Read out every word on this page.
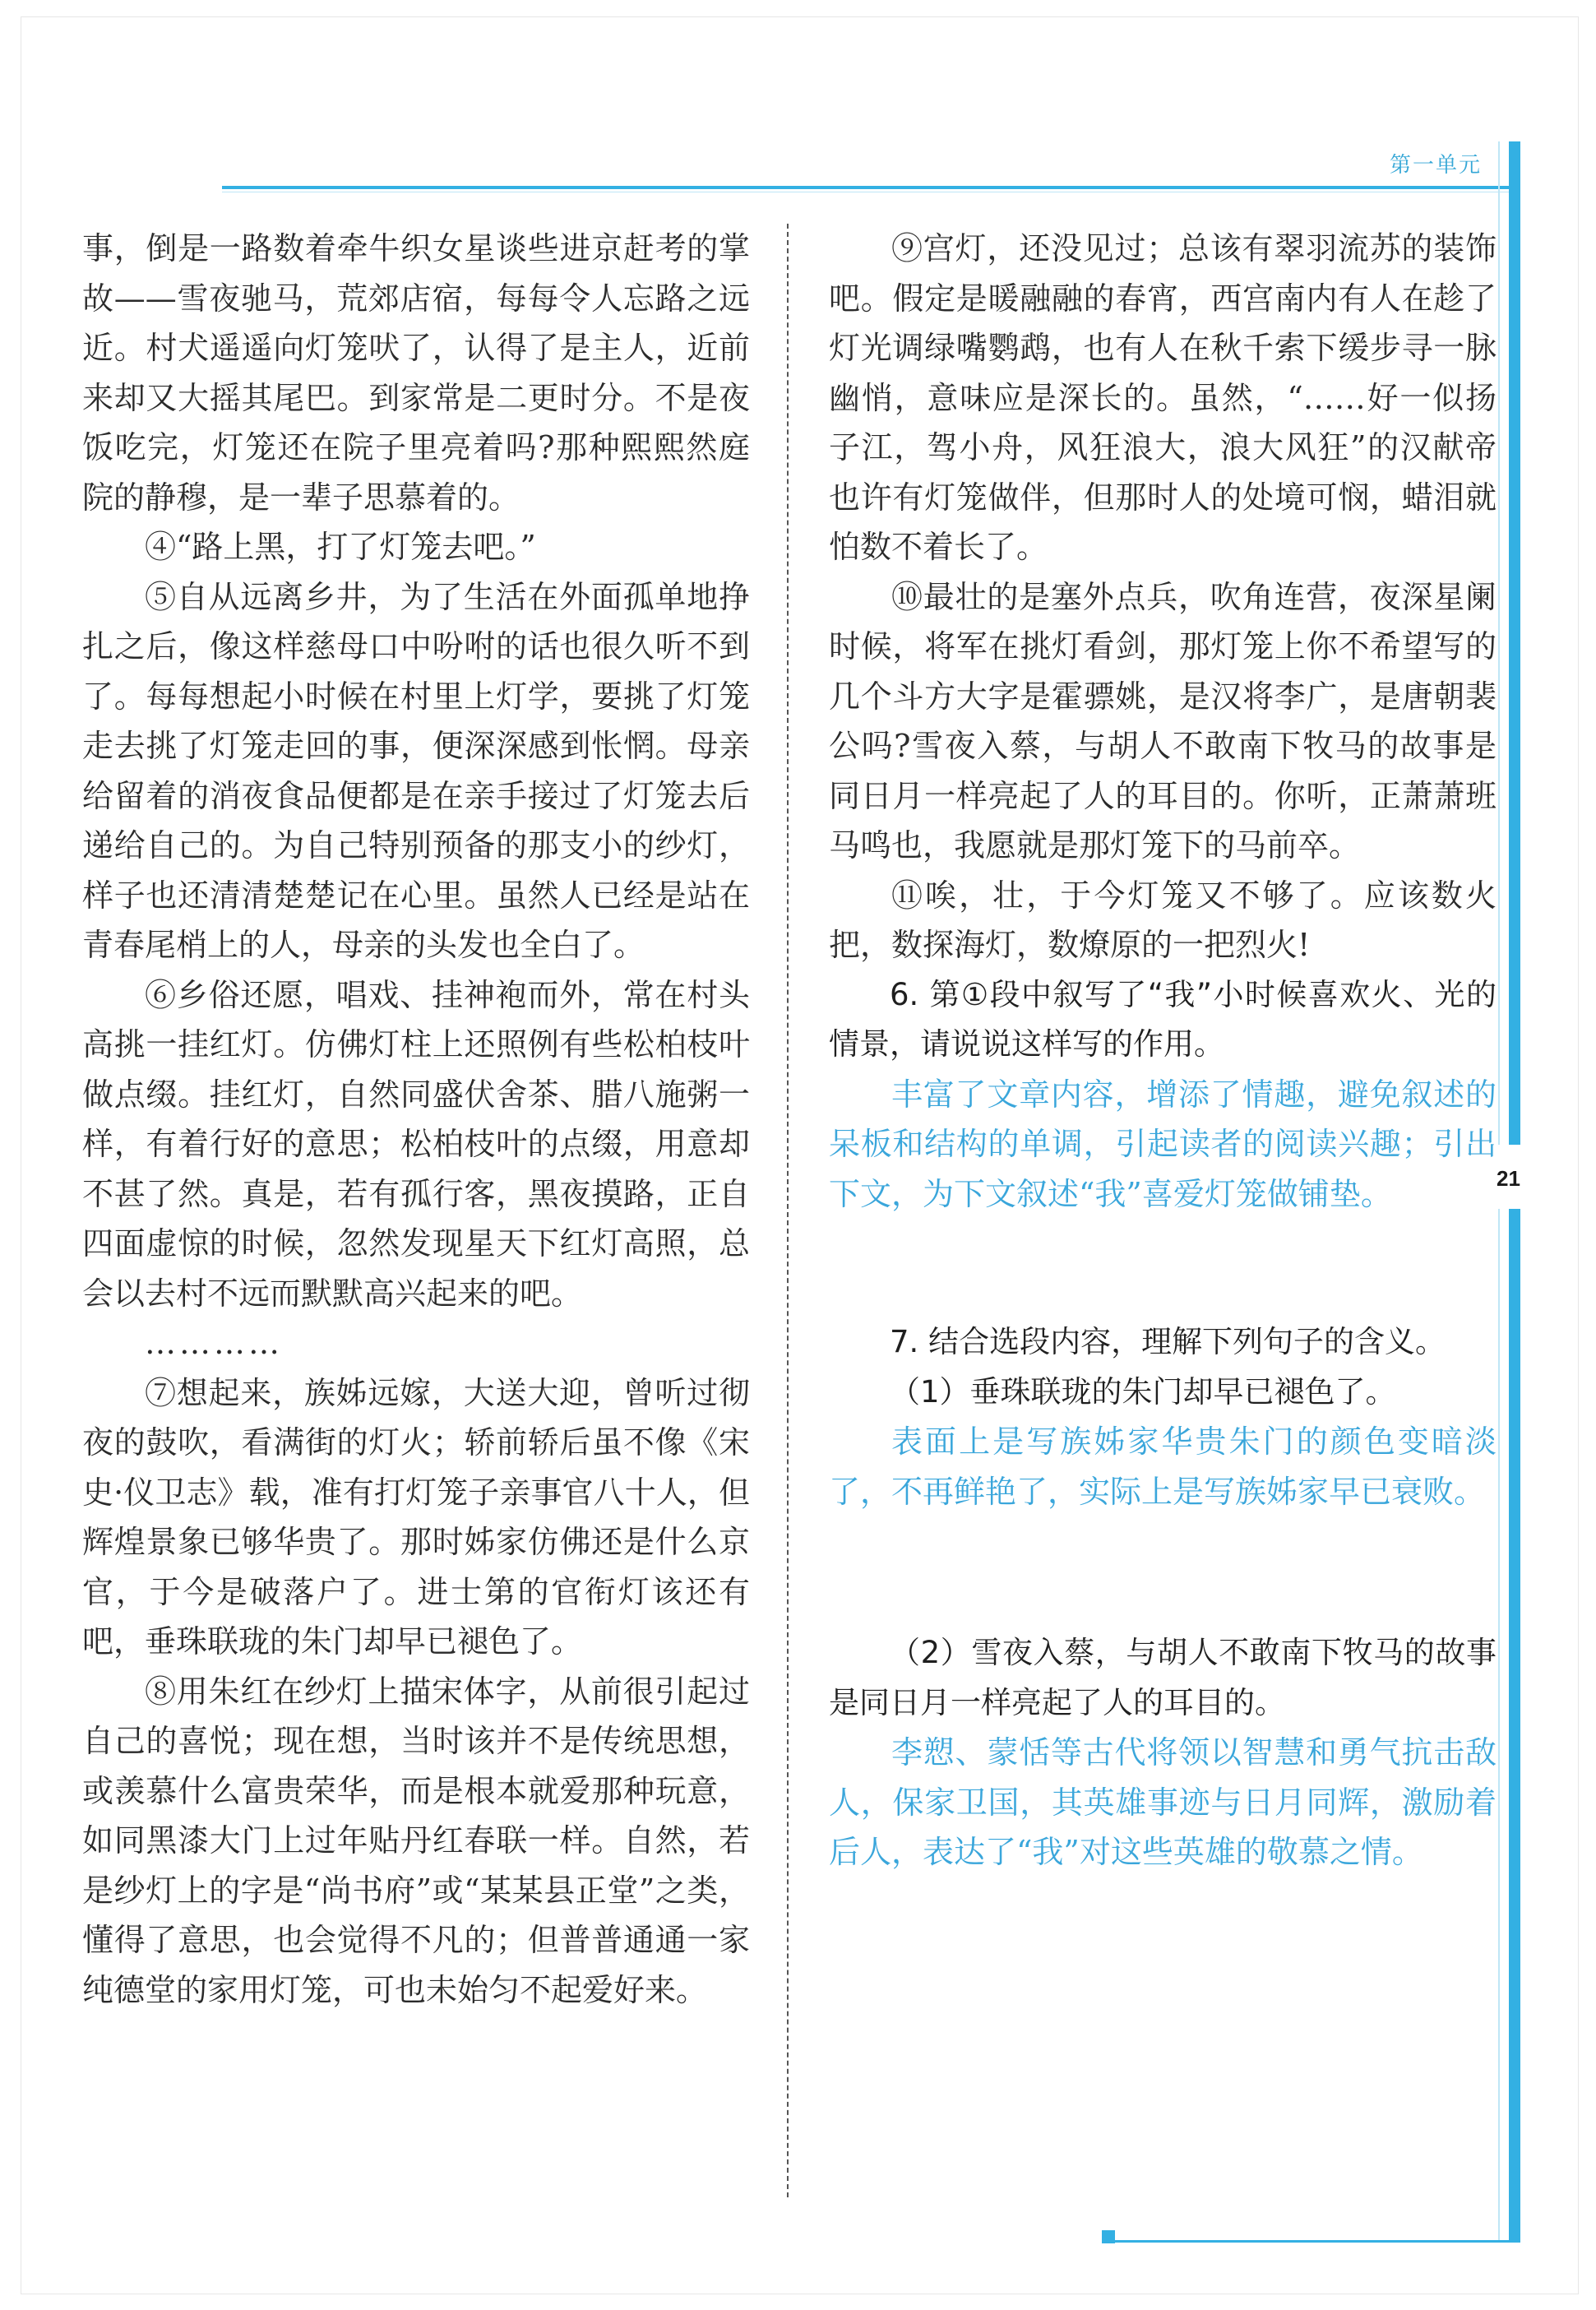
第一单元
21

事，倒是一路数着牵牛织女星谈些进京赶考的掌故——雪夜驰马，荒郊店宿，每每令人忘路之远近。村犬遥遥向灯笼吠了，认得了是主人，近前来却又大摇其尾巴。到家常是二更时分。不是夜饭吃完，灯笼还在院子里亮着吗?那种熙熙然庭院的静穆，是一辈子思慕着的。

④“路上黑，打了灯笼去吧。”

⑤自从远离乡井，为了生活在外面孤单地挣扎之后，像这样慈母口中吩咐的话也很久听不到了。每每想起小时候在村里上灯学，要挑了灯笼走去挑了灯笼走回的事，便深深感到怅惘。母亲给留着的消夜食品便都是在亲手接过了灯笼去后递给自己的。为自己特别预备的那支小的纱灯，样子也还清清楚楚记在心里。虽然人已经是站在青春尾梢上的人，母亲的头发也全白了。

⑥乡俗还愿，唱戏、挂神袍而外，常在村头高挑一挂红灯。仿佛灯柱上还照例有些松柏枝叶做点缀。挂红灯，自然同盛伏舍茶、腊八施粥一样，有着行好的意思；松柏枝叶的点缀，用意却不甚了然。真是，若有孤行客，黑夜摸路，正自四面虚惊的时候，忽然发现星天下红灯高照，总会以去村不远而默默高兴起来的吧。

…………

⑦想起来，族姊远嫁，大送大迎，曾听过彻夜的鼓吹，看满街的灯火；轿前轿后虽不像《宋史·仪卫志》载，准有打灯笼子亲事官八十人，但辉煌景象已够华贵了。那时姊家仿佛还是什么京官，于今是破落户了。进士第的官衔灯该还有吧，垂珠联珑的朱门却早已褪色了。

⑧用朱红在纱灯上描宋体字，从前很引起过自己的喜悦；现在想，当时该并不是传统思想，或羡慕什么富贵荣华，而是根本就爱那种玩意，如同黑漆大门上过年贴丹红春联一样。自然，若是纱灯上的字是“尚书府”或“某某县正堂”之类，懂得了意思，也会觉得不凡的；但普普通通一家纯德堂的家用灯笼，可也未始匀不起爱好来。

⑨宫灯，还没见过；总该有翠羽流苏的装饰吧。假定是暖融融的春宵，西宫南内有人在趁了灯光调绿嘴鹦鹉，也有人在秋千索下缓步寻一脉幽悄，意味应是深长的。虽然，“……好一似扬子江，驾小舟，风狂浪大，浪大风狂”的汉献帝也许有灯笼做伴，但那时人的处境可悯，蜡泪就怕数不着长了。

⑩最壮的是塞外点兵，吹角连营，夜深星阑时候，将军在挑灯看剑，那灯笼上你不希望写的几个斗方大字是霍骠姚，是汉将李广，是唐朝裴公吗?雪夜入蔡，与胡人不敢南下牧马的故事是同日月一样亮起了人的耳目的。你听，正萧萧班马鸣也，我愿就是那灯笼下的马前卒。

⑪唉，壮，于今灯笼又不够了。应该数火把，数探海灯，数燎原的一把烈火!

6. 第①段中叙写了“我”小时候喜欢火、光的情景，请说说这样写的作用。

丰富了文章内容，增添了情趣，避免叙述的呆板和结构的单调，引起读者的阅读兴趣；引出下文，为下文叙述“我”喜爱灯笼做铺垫。

7. 结合选段内容，理解下列句子的含义。

（1）垂珠联珑的朱门却早已褪色了。

表面上是写族姊家华贵朱门的颜色变暗淡了，不再鲜艳了，实际上是写族姊家早已衰败。

（2）雪夜入蔡，与胡人不敢南下牧马的故事是同日月一样亮起了人的耳目的。

李愬、蒙恬等古代将领以智慧和勇气抗击敌人，保家卫国，其英雄事迹与日月同辉，激励着后人，表达了“我”对这些英雄的敬慕之情。
